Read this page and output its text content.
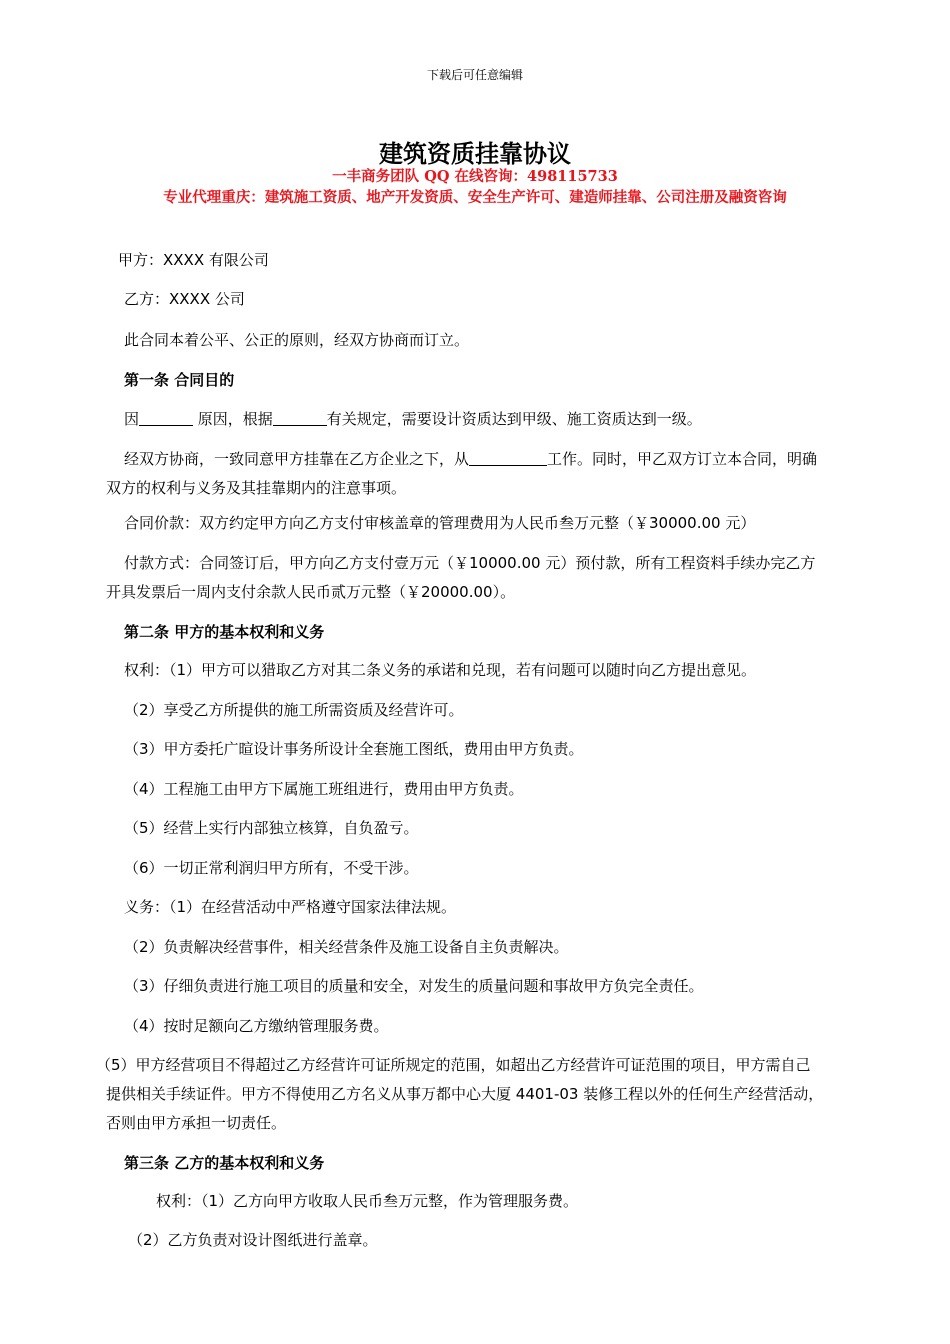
下载后可任意编辑
建筑资质挂靠协议
一丰商务团队 QQ 在线咨询：498115733
专业代理重庆：建筑施工资质、地产开发资质、安全生产许可、建造师挂靠、公司注册及融资咨询

甲方：XXXX 有限公司

乙方：XXXX 公司

此合同本着公平、公正的原则，经双方协商而订立。

第一条 合同目的

因	原因，根据	有关规定，需要设计资质达到甲级、施工资质达到一级。

经双方协商，一致同意甲方挂靠在乙方企业之下，从	工作。同时，甲乙双方订立本合同，明确

双方的权利与义务及其挂靠期内的注意事项。

合同价款：双方约定甲方向乙方支付审核盖章的管理费用为人民币叁万元整（￥30000.00 元）

付款方式：合同签订后，甲方向乙方支付壹万元（￥10000.00 元）预付款，所有工程资料手续办完乙方

开具发票后一周内支付余款人民币贰万元整（￥20000.00）。

第二条 甲方的基本权利和义务

权利：（1）甲方可以猎取乙方对其二条义务的承诺和兑现，若有问题可以随时向乙方提出意见。

（2）享受乙方所提供的施工所需资质及经营许可。

（3）甲方委托广暄设计事务所设计全套施工图纸，费用由甲方负责。

（4）工程施工由甲方下属施工班组进行，费用由甲方负责。

（5）经营上实行内部独立核算，自负盈亏。

（6）一切正常利润归甲方所有，不受干涉。

义务：（1）在经营活动中严格遵守国家法律法规。

（2）负责解决经营事件，相关经营条件及施工设备自主负责解决。

（3）仔细负责进行施工项目的质量和安全，对发生的质量问题和事故甲方负完全责任。

（4）按时足额向乙方缴纳管理服务费。

（5）甲方经营项目不得超过乙方经营许可证所规定的范围，如超出乙方经营许可证范围的项目，甲方需自己

提供相关手续证件。甲方不得使用乙方名义从事万都中心大厦 4401-03 装修工程以外的任何生产经营活动，

否则由甲方承担一切责任。

第三条 乙方的基本权利和义务

权利：（1）乙方向甲方收取人民币叁万元整，作为管理服务费。

（2）乙方负责对设计图纸进行盖章。
